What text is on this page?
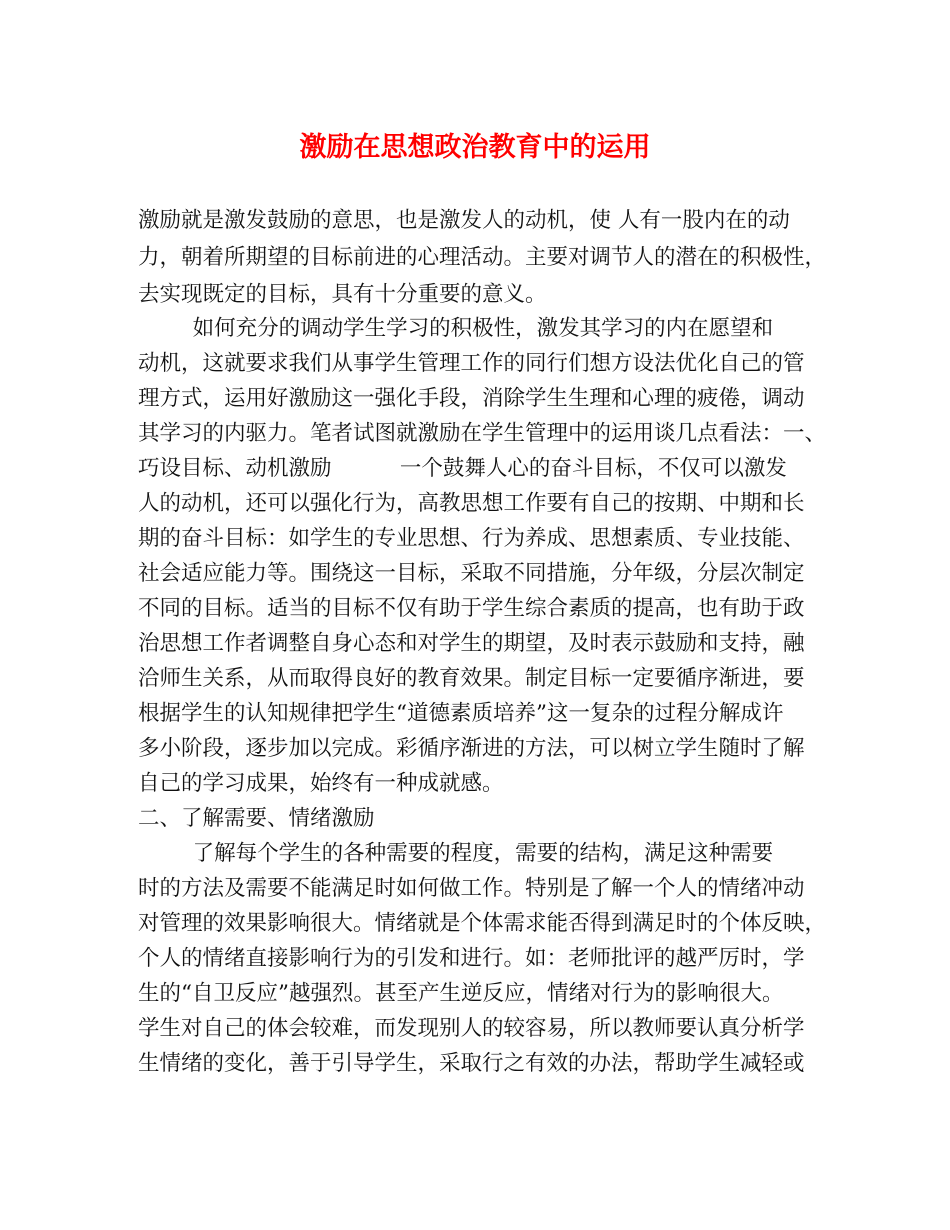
激励在思想政治教育中的运用

激励就是激发鼓励的意思，也是激发人的动机，使 人有一股内在的动

力，朝着所期望的目标前进的心理活动。主要对调节人的潜在的积极性，

去实现既定的目标，具有十分重要的意义。

如何充分的调动学生学习的积极性，激发其学习的内在愿望和

动机，这就要求我们从事学生管理工作的同行们想方设法优化自己的管

理方式，运用好激励这一强化手段，消除学生生理和心理的疲倦，调动

其学习的内驱力。笔者试图就激励在学生管理中的运用谈几点看法：一、

巧设目标、动机激励          一个鼓舞人心的奋斗目标，不仅可以激发

人的动机，还可以强化行为，高教思想工作要有自己的按期、中期和长

期的奋斗目标：如学生的专业思想、行为养成、思想素质、专业技能、

社会适应能力等。围绕这一目标，采取不同措施，分年级，分层次制定

不同的目标。适当的目标不仅有助于学生综合素质的提高，也有助于政

治思想工作者调整自身心态和对学生的期望，及时表示鼓励和支持，融

洽师生关系，从而取得良好的教育效果。制定目标一定要循序渐进，要

根据学生的认知规律把学生“道德素质培养”这一复杂的过程分解成许

多小阶段，逐步加以完成。彩循序渐进的方法，可以树立学生随时了解

自己的学习成果，始终有一种成就感。

二、了解需要、情绪激励

了解每个学生的各种需要的程度，需要的结构，满足这种需要

时的方法及需要不能满足时如何做工作。特别是了解一个人的情绪冲动

对管理的效果影响很大。情绪就是个体需求能否得到满足时的个体反映，

个人的情绪直接影响行为的引发和进行。如：老师批评的越严厉时，学

生的“自卫反应”越强烈。甚至产生逆反应，情绪对行为的影响很大。

学生对自己的体会较难，而发现别人的较容易，所以教师要认真分析学

生情绪的变化，善于引导学生，采取行之有效的办法，帮助学生减轻或
